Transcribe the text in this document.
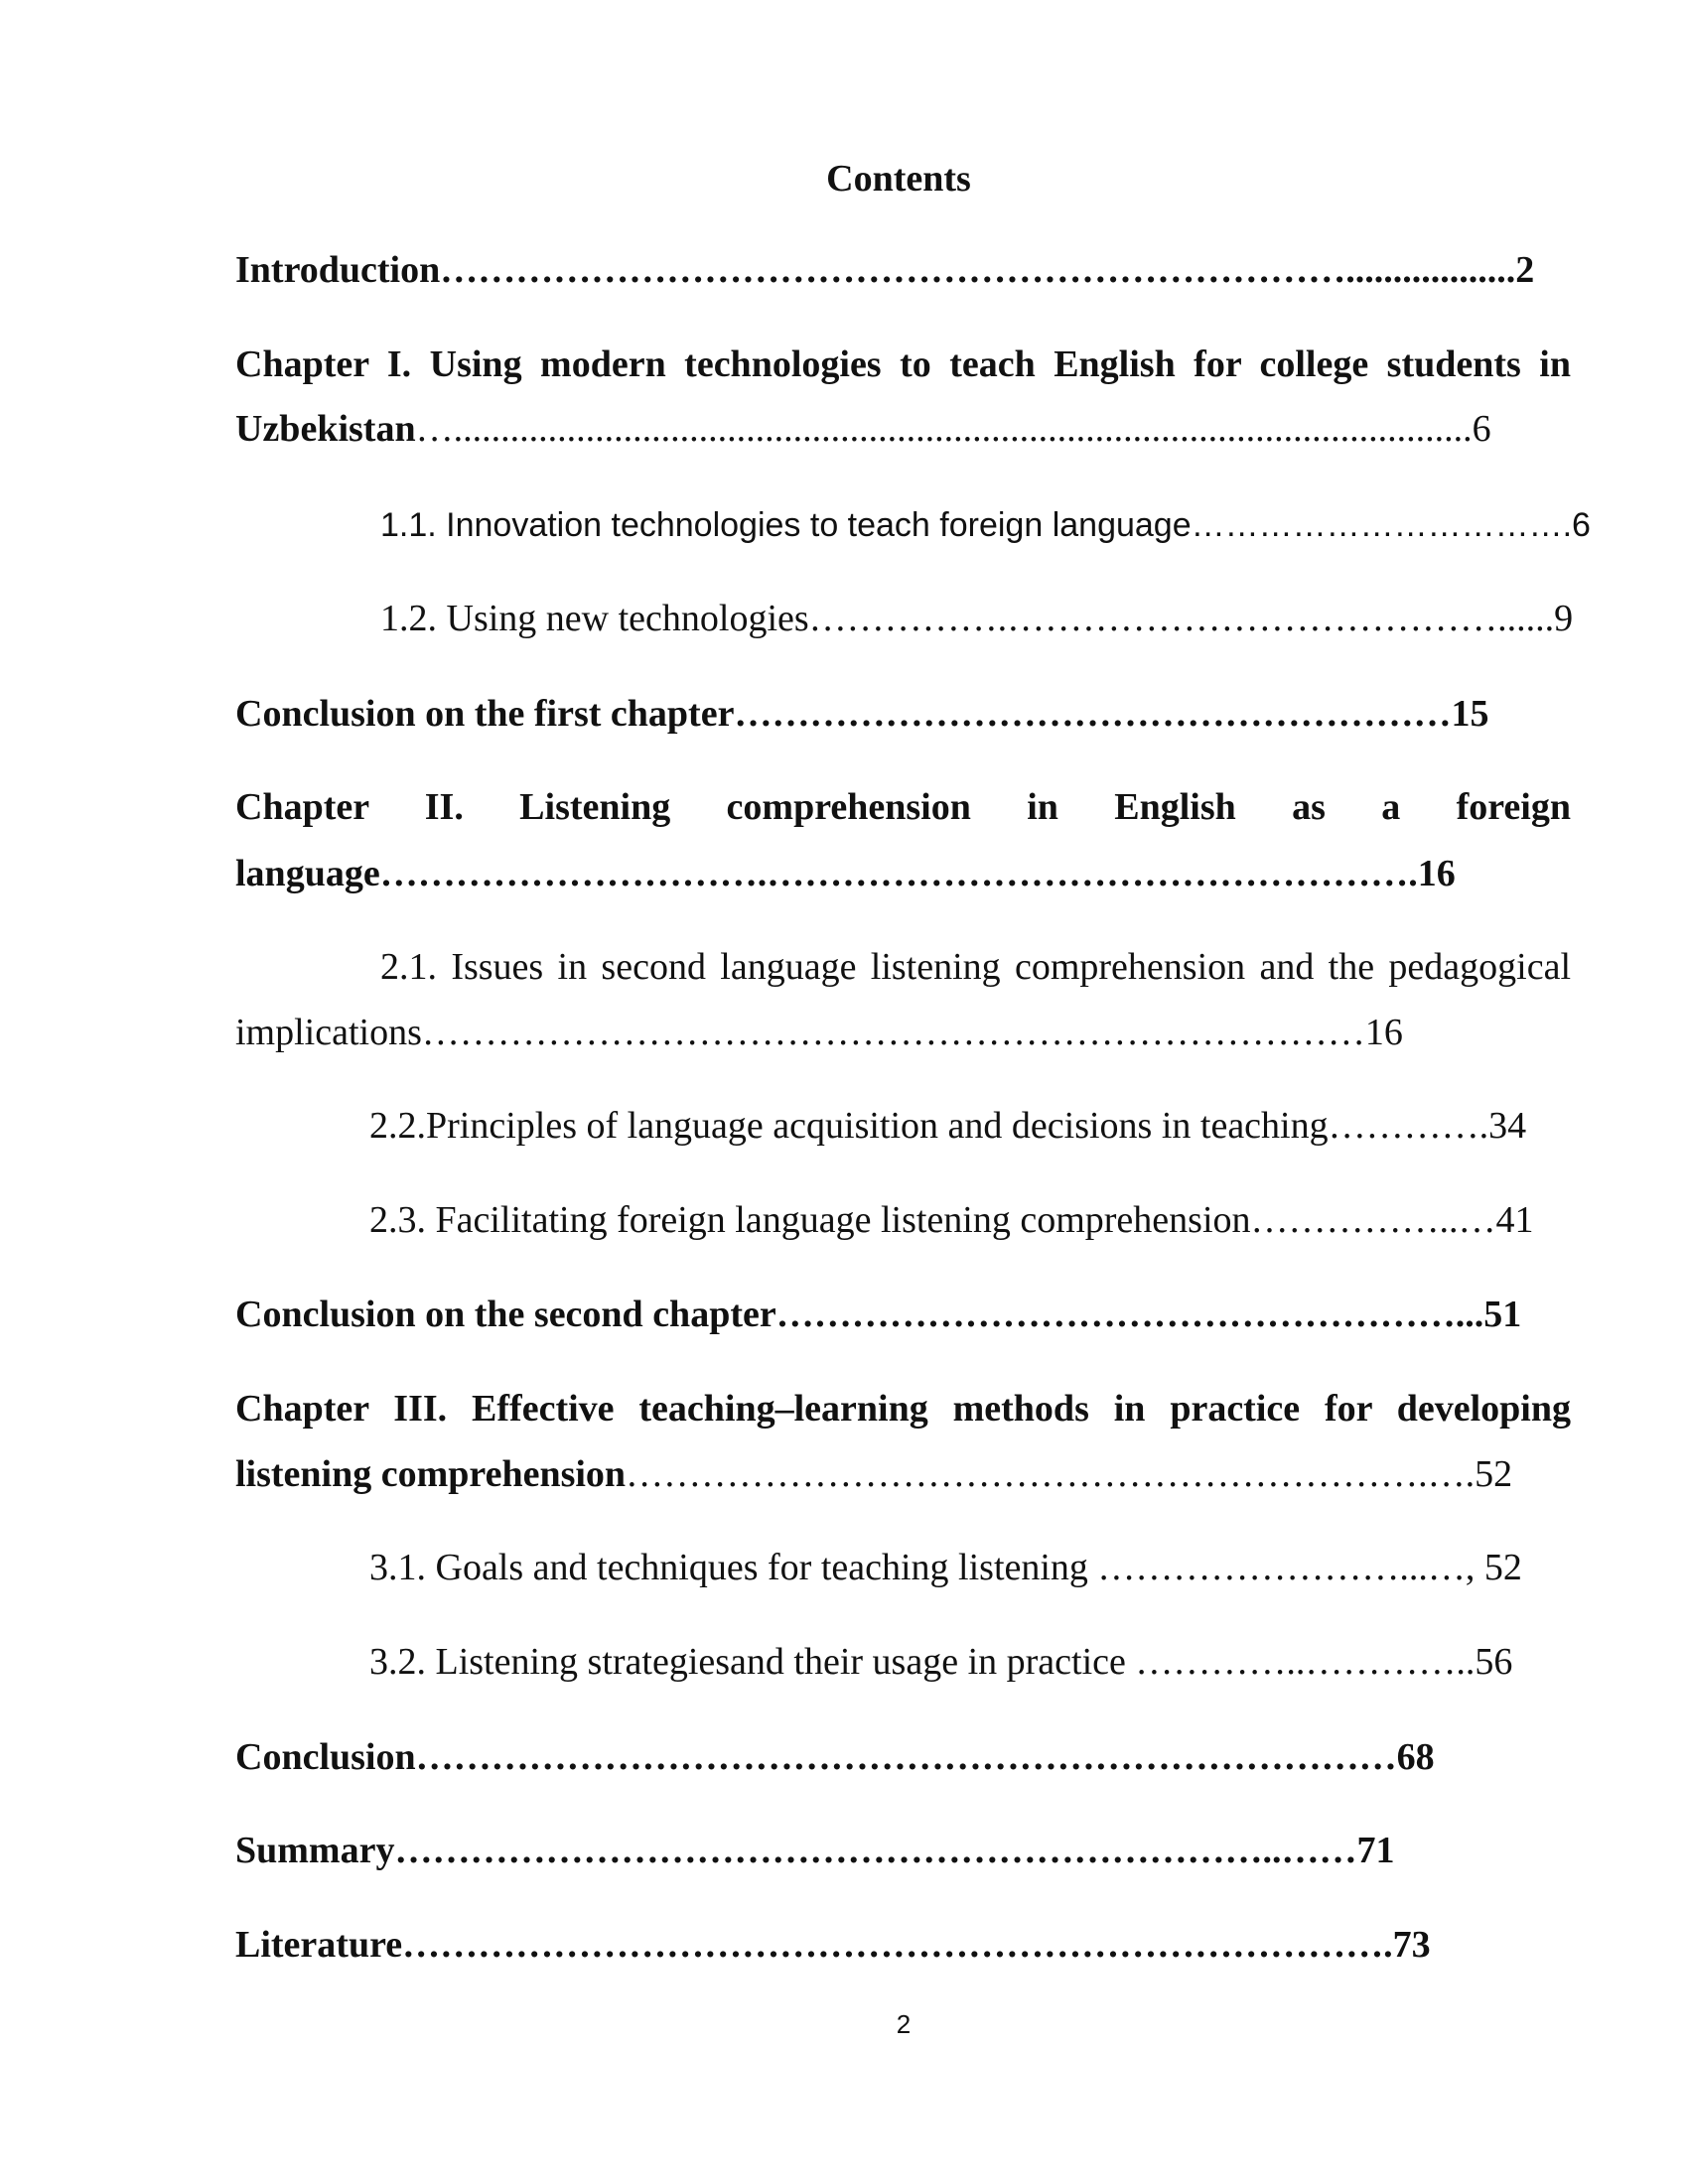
Contents
Introduction………………………………………………………………..................2
Chapter I. Using modern technologies to teach English for college students in
Uzbekistan…............................................................................................................6
1.1. Innovation technologies to teach foreign language…………………………….6
1.2. Using new technologies…………….…………………………………......9
Conclusion on the first chapter…………………………………………………15
Chapter II. Listening comprehension in English as a foreign
language………………………….…………………………………………….16
2.1. Issues in second language listening comprehension and the pedagogical
implications…………………………………………………………………16
2.2.Principles of language acquisition and decisions in teaching………….34
2.3. Facilitating foreign language listening comprehension……………..…41
Conclusion on the second chapter………………………………………………...51
Chapter III. Effective teaching–learning methods in practice for developing
listening comprehension……………………………………………………….….52
3.1. Goals and techniques for teaching listening ……………………...…, 52
3.2. Listening strategiesand their usage in practice …………..…………..56
Conclusion……………………………………………………………………68
Summary……………………………………………………………..……71
Literature…………………………………………………………………….73
2
